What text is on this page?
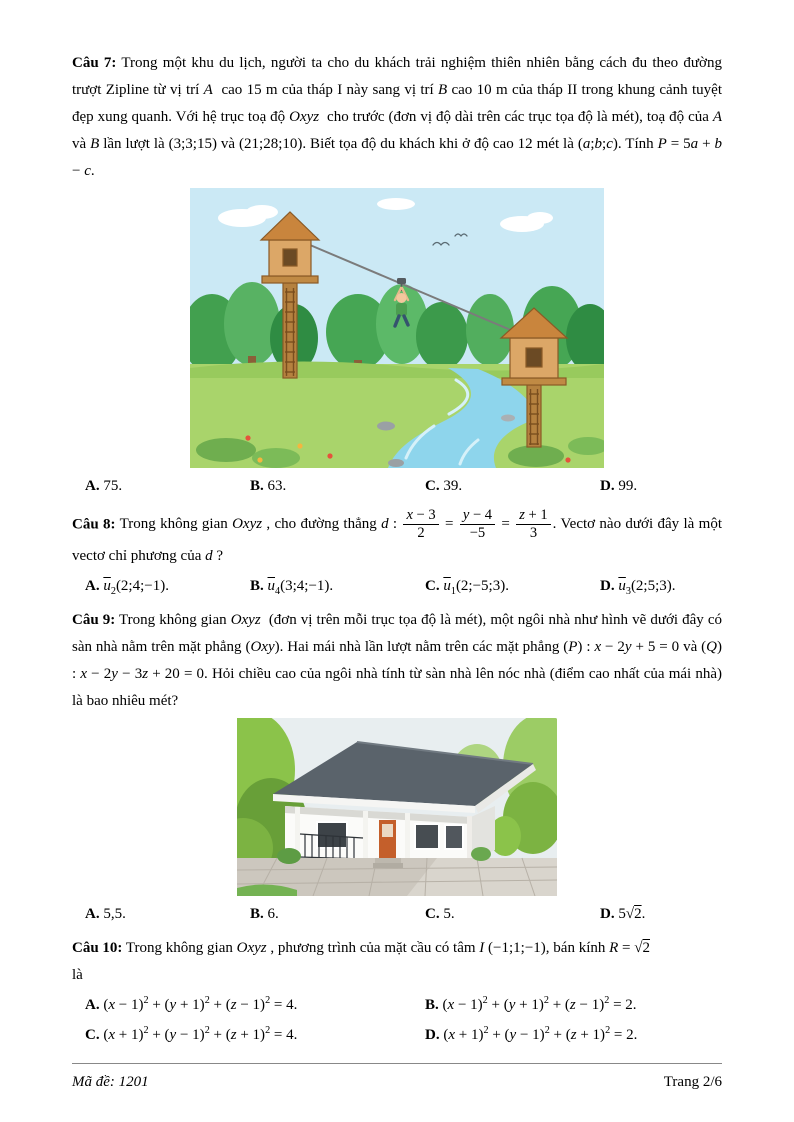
Câu 7: Trong một khu du lịch, người ta cho du khách trải nghiệm thiên nhiên bằng cách đu theo đường trượt Zipline từ vị trí A  cao 15 m của tháp I này sang vị trí B cao 10 m của tháp II trong khung cảnh tuyệt đẹp xung quanh. Với hệ trục toạ độ Oxyz  cho trước (đơn vị độ dài trên các trục tọa độ là mét), toạ độ của A và B lần lượt là (3;3;15) và (21;28;10). Biết tọa độ du khách khi ở độ cao 12 mét là (a;b;c). Tính P = 5a + b − c.

A. 75.	B. 63.	C. 39.	D. 99.

Câu 8: Trong không gian Oxyz , cho đường thẳng d : $\frac{x - 3}{2} = \frac{y - 4}{-5} = \frac{z + 1}{3}$ . Vectơ nào dưới đây là một vectơ chỉ phương của d ?

A. $\overline{u}_2(2;4;-1)$.	B. $\overline{u}_4(3;4;-1)$.	C. $\overline{u}_1(2;-5;3)$.	D. $\overline{u}_3(2;5;3)$.

Câu 9: Trong không gian Oxyz  (đơn vị trên mỗi trục tọa độ là mét), một ngôi nhà như hình vẽ dưới đây có sàn nhà nằm trên mặt phẳng (Oxy). Hai mái nhà lần lượt nằm trên các mặt phẳng (P) : x − 2y + 5 = 0 và (Q) : x − 2y − 3z + 20 = 0. Hỏi chiều cao của ngôi nhà tính từ sàn nhà lên nóc nhà (điểm cao nhất của mái nhà) là bao nhiêu mét?

A. 5,5.	B. 6.	C. 5.	D. 5√2.

Câu 10: Trong không gian Oxyz , phương trình của mặt cầu có tâm I (−1;1;−1), bán kính R = √2
là

A. $(x - 1)^2 + (y + 1)^2 + (z - 1)^2 = 4$.	B. $(x - 1)^2 + (y + 1)^2 + (z - 1)^2 = 2$.
C. $(x + 1)^2 + (y - 1)^2 + (z + 1)^2 = 4$.	D. $(x + 1)^2 + (y - 1)^2 + (z + 1)^2 = 2$.
Mã đề: 1201	Trang 2/6
